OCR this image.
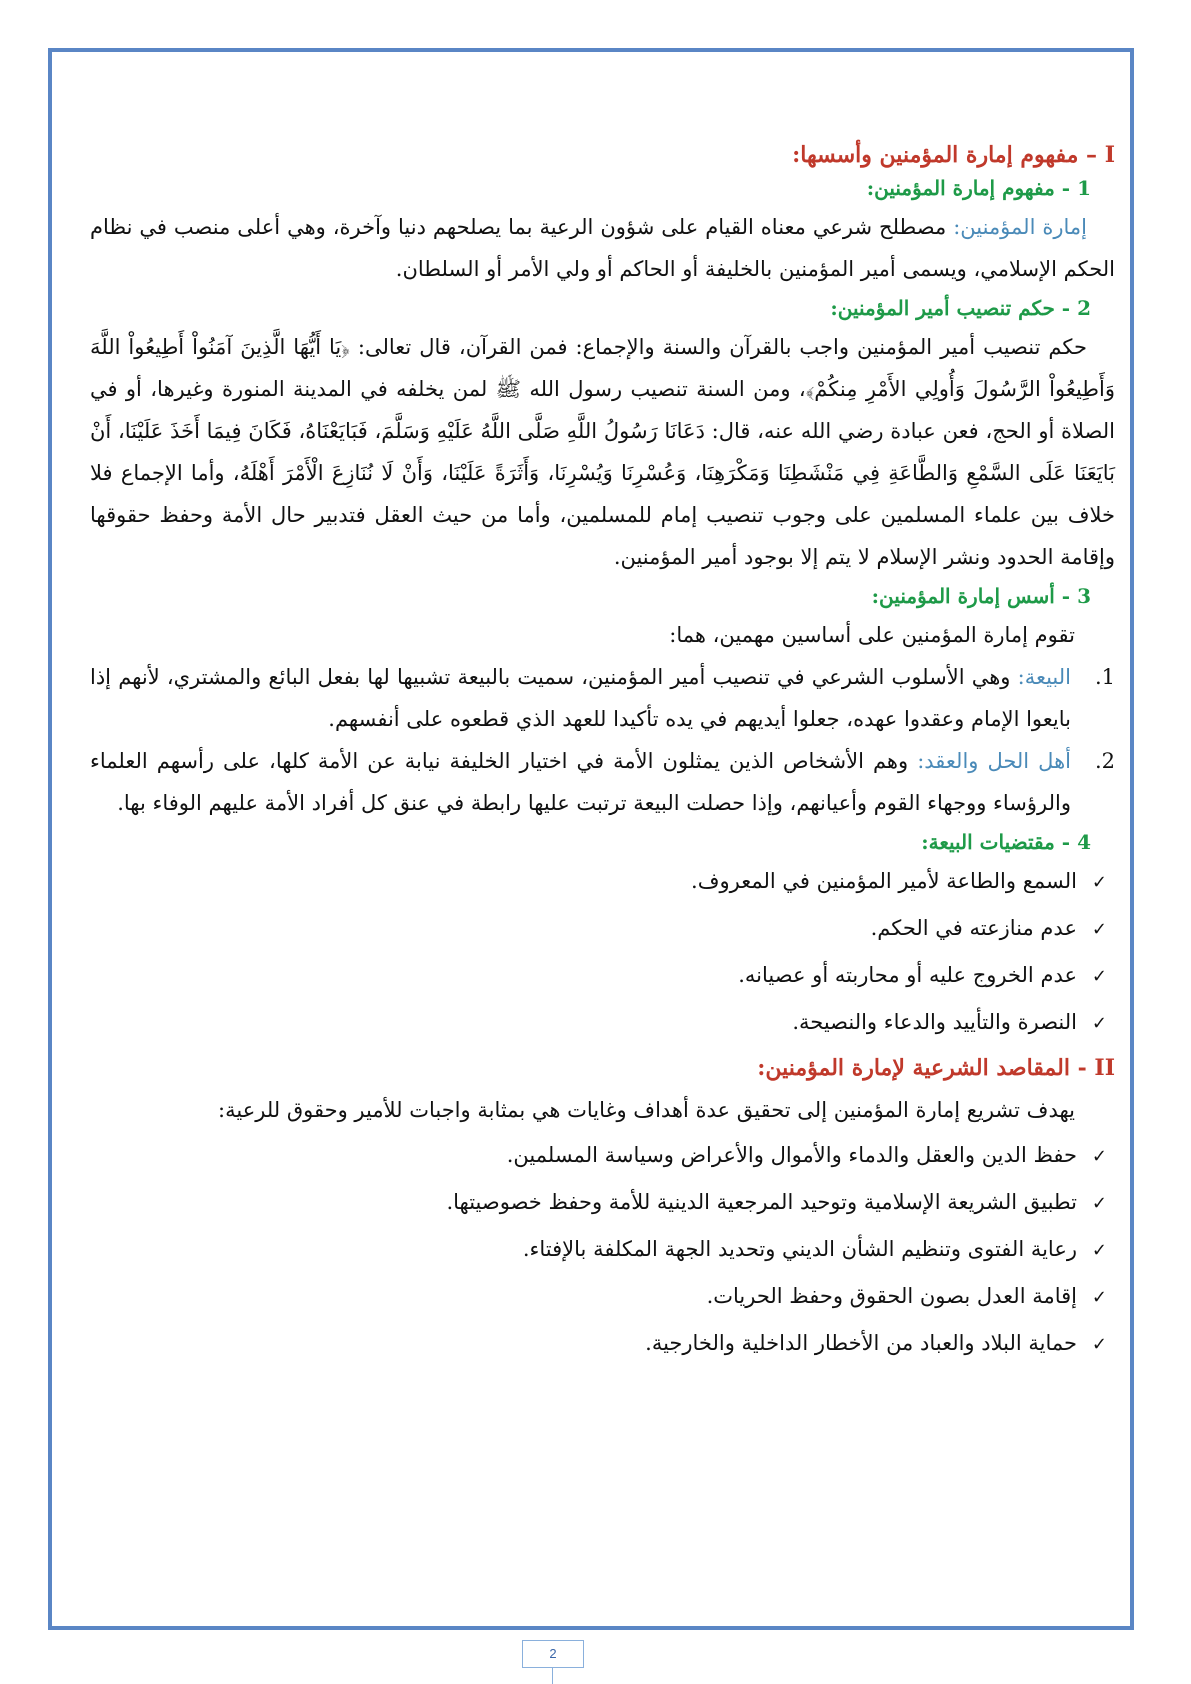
I – مفهوم إمارة المؤمنين وأسسها:
1 - مفهوم إمارة المؤمنين:

إمارة المؤمنين: مصطلح شرعي معناه القيام على شؤون الرعية بما يصلحهم دنيا وآخرة، وهي أعلى منصب في نظام الحكم الإسلامي، ويسمى أمير المؤمنين بالخليفة أو الحاكم أو ولي الأمر أو السلطان.

2 - حكم تنصيب أمير المؤمنين:

حكم تنصيب أمير المؤمنين واجب بالقرآن والسنة والإجماع: فمن القرآن، قال تعالى: ﴿يَا أَيُّهَا الَّذِينَ آمَنُواْ أَطِيعُواْ اللَّهَ وَأَطِيعُواْ الرَّسُولَ وَأُولِي الأَمْرِ مِنكُمْ﴾، ومن السنة تنصيب رسول الله ﷺ لمن يخلفه في المدينة المنورة وغيرها، أو في الصلاة أو الحج، فعن عبادة رضي الله عنه، قال: دَعَانَا رَسُولُ اللَّهِ صَلَّى اللَّهُ عَلَيْهِ وَسَلَّمَ، فَبَايَعْنَاهُ، فَكَانَ فِيمَا أَخَذَ عَلَيْنَا، أَنْ بَايَعَنَا عَلَى السَّمْعِ وَالطَّاعَةِ فِي مَنْشَطِنَا وَمَكْرَهِنَا، وَعُسْرِنَا وَيُسْرِنَا، وَأَثَرَةً عَلَيْنَا، وَأَنْ لَا نُنَازِعَ الْأَمْرَ أَهْلَهُ، وأما الإجماع فلا خلاف بين علماء المسلمين على وجوب تنصيب إمام للمسلمين، وأما من حيث العقل فتدبير حال الأمة وحفظ حقوقها وإقامة الحدود ونشر الإسلام لا يتم إلا بوجود أمير المؤمنين.

3 - أسس إمارة المؤمنين:

تقوم إمارة المؤمنين على أساسين مهمين، هما:

1.
البيعة: وهي الأسلوب الشرعي في تنصيب أمير المؤمنين، سميت بالبيعة تشبيها لها بفعل البائع والمشتري، لأنهم إذا بايعوا الإمام وعقدوا عهده، جعلوا أيديهم في يده تأكيدا للعهد الذي قطعوه على أنفسهم.
2.
أهل الحل والعقد: وهم الأشخاص الذين يمثلون الأمة في اختيار الخليفة نيابة عن الأمة كلها، على رأسهم العلماء والرؤساء ووجهاء القوم وأعيانهم، وإذا حصلت البيعة ترتبت عليها رابطة في عنق كل أفراد الأمة عليهم الوفاء بها.
4 - مقتضيات البيعة:
✓السمع والطاعة لأمير المؤمنين في المعروف.
✓عدم منازعته في الحكم.
✓عدم الخروج عليه أو محاربته أو عصيانه.
✓النصرة والتأييد والدعاء والنصيحة.
II - المقاصد الشرعية لإمارة المؤمنين:

يهدف تشريع إمارة المؤمنين إلى تحقيق عدة أهداف وغايات هي بمثابة واجبات للأمير وحقوق للرعية:

✓حفظ الدين والعقل والدماء والأموال والأعراض وسياسة المسلمين.
✓تطبيق الشريعة الإسلامية وتوحيد المرجعية الدينية للأمة وحفظ خصوصيتها.
✓رعاية الفتوى وتنظيم الشأن الديني وتحديد الجهة المكلفة بالإفتاء.
✓إقامة العدل بصون الحقوق وحفظ الحريات.
✓حماية البلاد والعباد من الأخطار الداخلية والخارجية.
2
